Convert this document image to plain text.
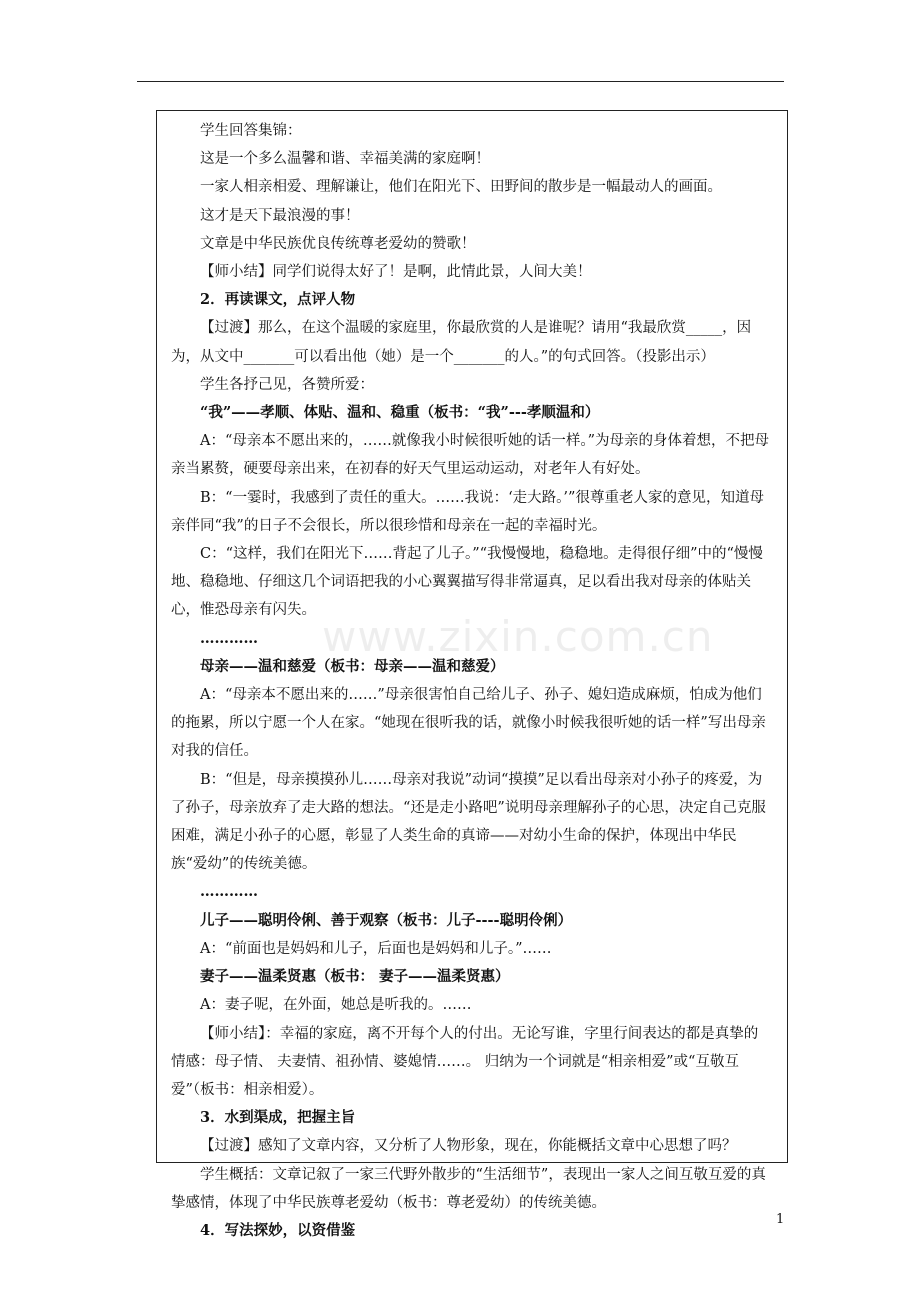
学生回答集锦：

这是一个多么温馨和谐、幸福美满的家庭啊！

一家人相亲相爱、理解谦让，他们在阳光下、田野间的散步是一幅最动人的画面。

这才是天下最浪漫的事！

文章是中华民族优良传统尊老爱幼的赞歌！

【师小结】同学们说得太好了！是啊，此情此景，人间大美！

2．再读课文，点评人物

【过渡】那么，在这个温暖的家庭里，你最欣赏的人是谁呢？请用“我最欣赏_____，因为，从文中_______可以看出他（她）是一个_______的人。”的句式回答。（投影出示）

学生各抒己见，各赞所爱：

“我”——孝顺、体贴、温和、稳重（板书：“我”---孝顺温和）

A：“母亲本不愿出来的，……就像我小时候很听她的话一样。”为母亲的身体着想，不把母亲当累赘，硬要母亲出来，在初春的好天气里运动运动，对老年人有好处。

B：“一霎时，我感到了责任的重大。……我说：‘走大路。’”很尊重老人家的意见，知道母亲伴同“我”的日子不会很长，所以很珍惜和母亲在一起的幸福时光。

C：“这样，我们在阳光下……背起了儿子。”“我慢慢地，稳稳地。走得很仔细”中的“慢慢地、稳稳地、仔细这几个词语把我的小心翼翼描写得非常逼真，足以看出我对母亲的体贴关心，惟恐母亲有闪失。

…………

母亲——温和慈爱（板书：母亲——温和慈爱）

A：“母亲本不愿出来的……”母亲很害怕自己给儿子、孙子、媳妇造成麻烦，怕成为他们的拖累，所以宁愿一个人在家。“她现在很听我的话，就像小时候我很听她的话一样”写出母亲对我的信任。

B：“但是，母亲摸摸孙儿……母亲对我说”动词“摸摸”足以看出母亲对小孙子的疼爱，为了孙子，母亲放弃了走大路的想法。“还是走小路吧”说明母亲理解孙子的心思，决定自己克服困难，满足小孙子的心愿，彰显了人类生命的真谛——对幼小生命的保护，体现出中华民族“爱幼”的传统美德。

…………

儿子——聪明伶俐、善于观察（板书：儿子----聪明伶俐）

A：“前面也是妈妈和儿子，后面也是妈妈和儿子。”……

妻子——温柔贤惠（板书： 妻子——温柔贤惠）

A：妻子呢，在外面，她总是听我的。……

【师小结】：幸福的家庭，离不开每个人的付出。无论写谁，字里行间表达的都是真挚的情感：母子情、 夫妻情、祖孙情、婆媳情……。 归纳为一个词就是“相亲相爱”或“互敬互爱”（板书：相亲相爱）。

3．水到渠成，把握主旨

【过渡】感知了文章内容，又分析了人物形象，现在，你能概括文章中心思想了吗？

学生概括：文章记叙了一家三代野外散步的“生活细节”，表现出一家人之间互敬互爱的真挚感情，体现了中华民族尊老爱幼（板书：尊老爱幼）的传统美德。

4．写法探妙，以资借鉴

www.zixin.com.cn
1
